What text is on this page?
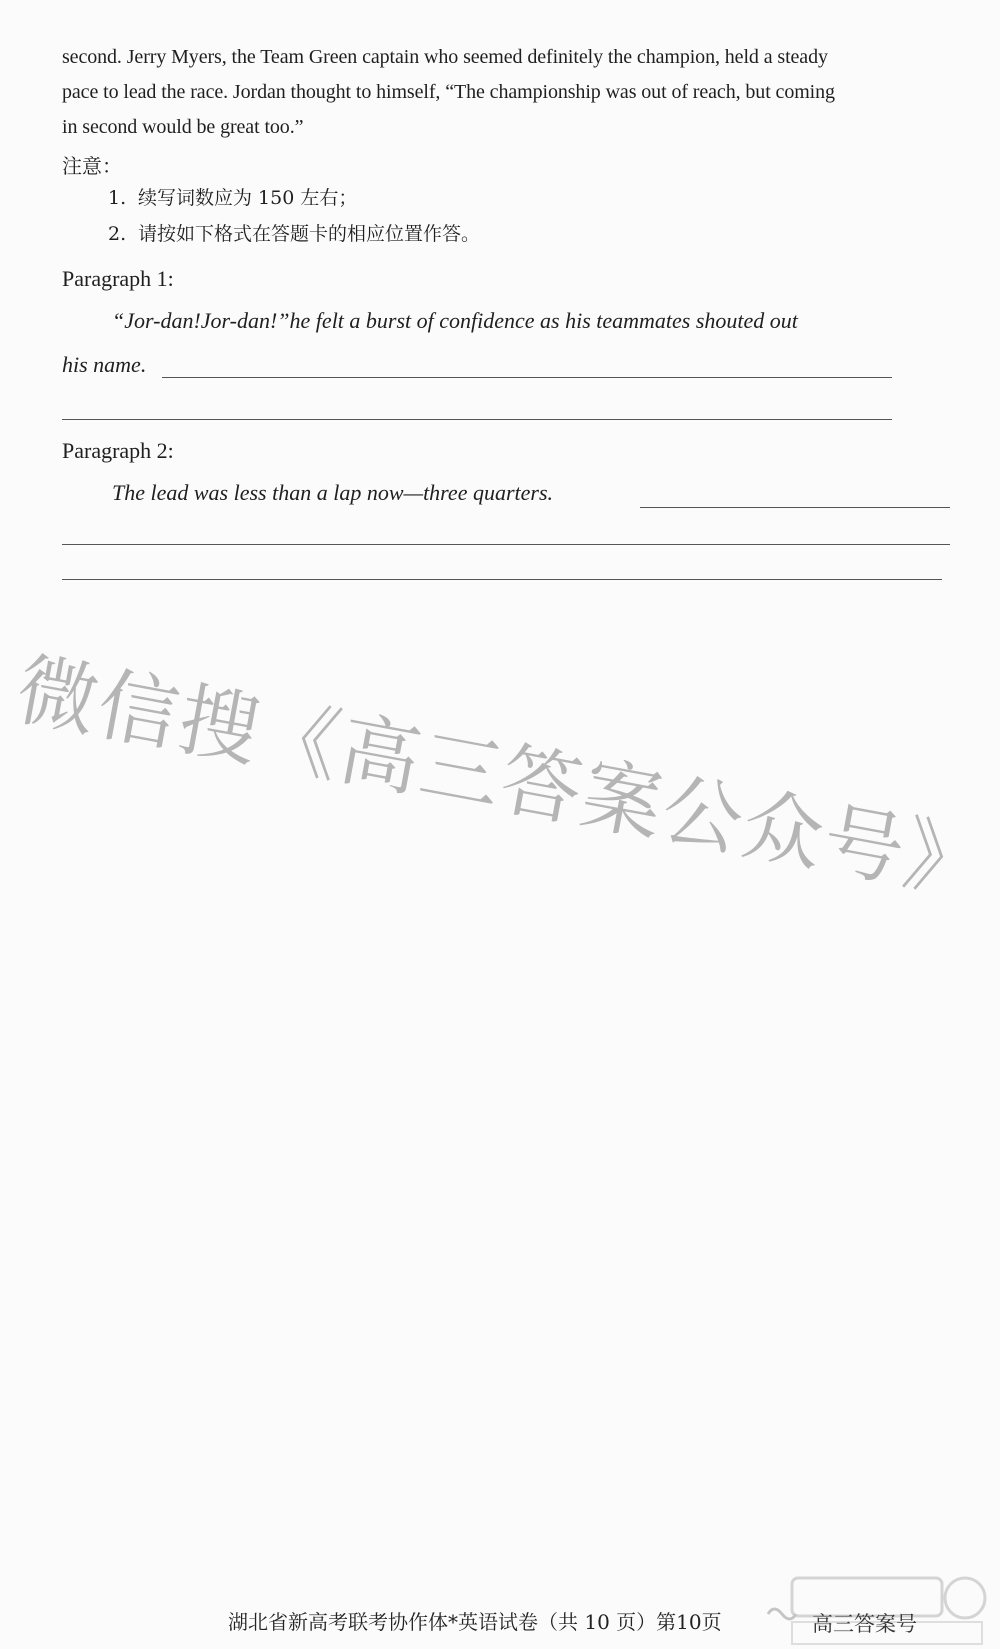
second. Jerry Myers, the Team Green captain who seemed definitely the champion, held a steady
pace to lead the race. Jordan thought to himself, “The championship was out of reach, but coming
in second would be great too.”
注意：
1. 续写词数应为 150 左右；
2. 请按如下格式在答题卡的相应位置作答。
Paragraph 1:
“Jor-dan!Jor-dan!”he felt a burst of confidence as his teammates shouted out
his name.
Paragraph 2:
The lead was less than a lap now—three quarters.
微信搜《高三答案公众号》
湖北省新高考联考协作体*英语试卷（共 10 页）第10页	高三答案号
